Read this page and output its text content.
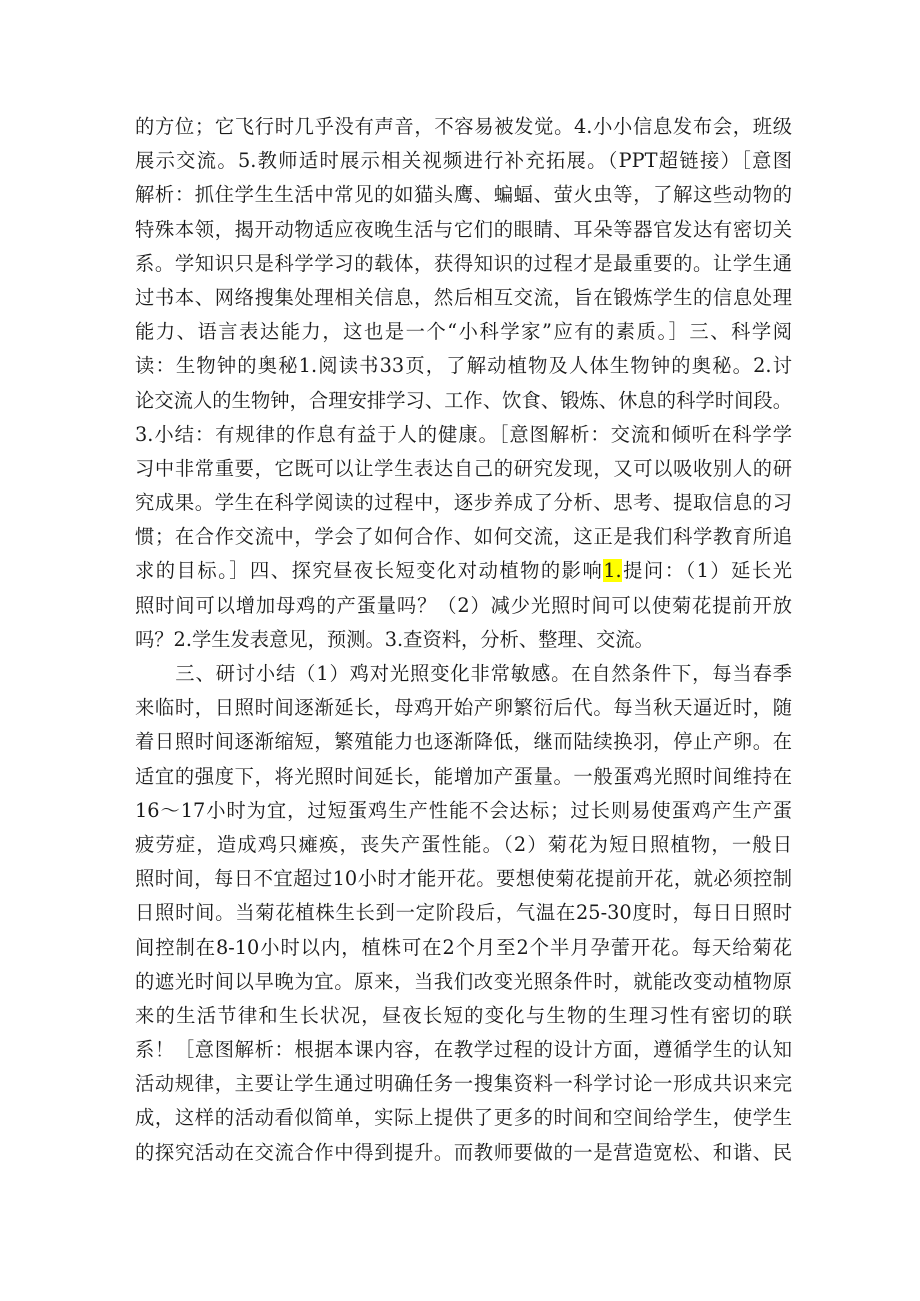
的方位；它飞行时几乎没有声音，不容易被发觉。4.小小信息发布会，班级
展示交流。5.教师适时展示相关视频进行补充拓展。（PPT超链接）［意图
解析：抓住学生生活中常见的如猫头鹰、蝙蝠、萤火虫等，了解这些动物的
特殊本领，揭开动物适应夜晚生活与它们的眼睛、耳朵等器官发达有密切关
系。学知识只是科学学习的载体，获得知识的过程才是最重要的。让学生通
过书本、网络搜集处理相关信息，然后相互交流，旨在锻炼学生的信息处理
能力、语言表达能力，这也是一个“小科学家”应有的素质。］三、科学阅
读：生物钟的奥秘1.阅读书33页，了解动植物及人体生物钟的奥秘。2.讨
论交流人的生物钟，合理安排学习、工作、饮食、锻炼、休息的科学时间段。
3.小结：有规律的作息有益于人的健康。［意图解析：交流和倾听在科学学
习中非常重要，它既可以让学生表达自己的研究发现，又可以吸收别人的研
究成果。学生在科学阅读的过程中，逐步养成了分析、思考、提取信息的习
惯；在合作交流中，学会了如何合作、如何交流，这正是我们科学教育所追
求的目标。］四、探究昼夜长短变化对动植物的影响1.提问：（1）延长光
照时间可以增加母鸡的产蛋量吗？（2）减少光照时间可以使菊花提前开放
吗？2.学生发表意见，预测。3.查资料，分析、整理、交流。
　　三、研讨小结（1）鸡对光照变化非常敏感。在自然条件下，每当春季
来临时，日照时间逐渐延长，母鸡开始产卵繁衍后代。每当秋天逼近时，随
着日照时间逐渐缩短，繁殖能力也逐渐降低，继而陆续换羽，停止产卵。在
适宜的强度下，将光照时间延长，能增加产蛋量。一般蛋鸡光照时间维持在
16～17小时为宜，过短蛋鸡生产性能不会达标；过长则易使蛋鸡产生产蛋
疲劳症，造成鸡只瘫痪，丧失产蛋性能。（2）菊花为短日照植物，一般日
照时间，每日不宜超过10小时才能开花。要想使菊花提前开花，就必须控制
日照时间。当菊花植株生长到一定阶段后，气温在25-30度时，每日日照时
间控制在8-10小时以内，植株可在2个月至2个半月孕蕾开花。每天给菊花
的遮光时间以早晚为宜。原来，当我们改变光照条件时，就能改变动植物原
来的生活节律和生长状况，昼夜长短的变化与生物的生理习性有密切的联
系！［意图解析：根据本课内容，在教学过程的设计方面，遵循学生的认知
活动规律，主要让学生通过明确任务一搜集资料一科学讨论一形成共识来完
成，这样的活动看似简单，实际上提供了更多的时间和空间给学生，使学生
的探究活动在交流合作中得到提升。而教师要做的一是营造宽松、和谐、民
